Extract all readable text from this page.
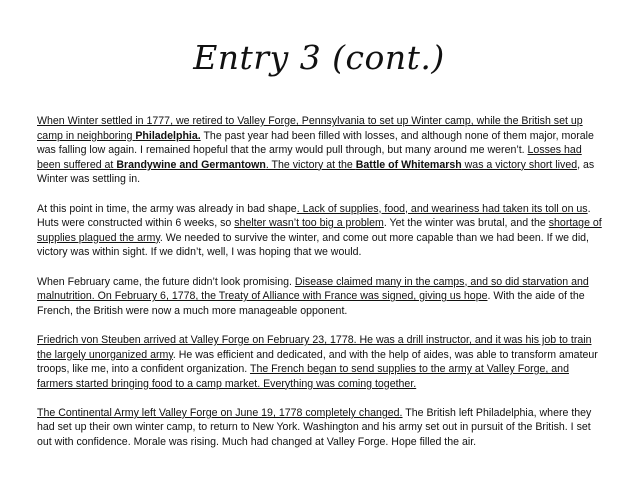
Entry 3 (cont.)

When Winter settled in 1777, we retired to Valley Forge, Pennsylvania to set up Winter camp, while the British set up camp in neighboring Philadelphia. The past year had been filled with losses, and although none of them major, morale was falling low again. I remained hopeful that the army would pull through, but many around me weren’t. Losses had been suffered at Brandywine and Germantown. The victory at the Battle of Whitemarsh was a victory short lived, as Winter was settling in.

At this point in time, the army was already in bad shape. Lack of supplies, food, and weariness had taken its toll on us. Huts were constructed within 6 weeks, so shelter wasn’t too big a problem. Yet the winter was brutal, and the shortage of supplies plagued the army. We needed to survive the winter, and come out more capable than we had been. If we did, victory was within sight. If we didn’t, well, I was hoping that we would.

When February came, the future didn’t look promising. Disease claimed many in the camps, and so did starvation and malnutrition. On February 6, 1778, the Treaty of Alliance with France was signed, giving us hope. With the aide of the French, the British were now a much more manageable opponent.

Friedrich von Steuben arrived at Valley Forge on February 23, 1778. He was a drill instructor, and it was his job to train the largely unorganized army. He was efficient and dedicated, and with the help of aides, was able to transform amateur troops, like me, into a confident organization. The French began to send supplies to the army at Valley Forge, and farmers started bringing food to a camp market. Everything was coming together.

The Continental Army left Valley Forge on June 19, 1778 completely changed. The British left Philadelphia, where they had set up their own winter camp, to return to New York. Washington and his army set out in pursuit of the British. I set out with confidence. Morale was rising. Much had changed at Valley Forge. Hope filled the air.
